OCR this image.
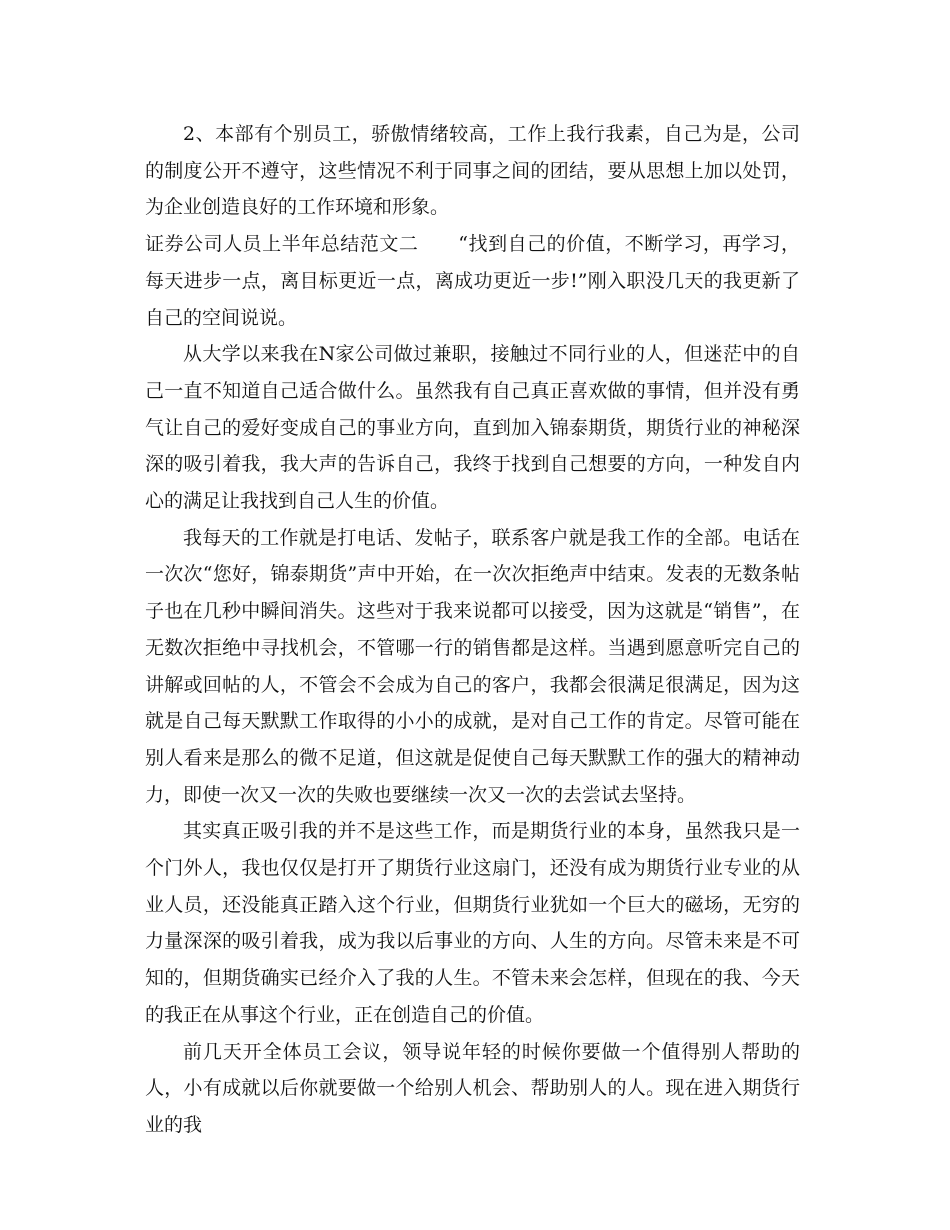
2、本部有个别员工，骄傲情绪较高，工作上我行我素，自己为是，公司的制度公开不遵守，这些情况不利于同事之间的团结，要从思想上加以处罚，为企业创造良好的工作环境和形象。

证券公司人员上半年总结范文二 “找到自己的价值，不断学习，再学习，每天进步一点，离目标更近一点，离成功更近一步!”刚入职没几天的我更新了自己的空间说说。

从大学以来我在N家公司做过兼职，接触过不同行业的人，但迷茫中的自己一直不知道自己适合做什么。虽然我有自己真正喜欢做的事情，但并没有勇气让自己的爱好变成自己的事业方向，直到加入锦泰期货，期货行业的神秘深深的吸引着我，我大声的告诉自己，我终于找到自己想要的方向，一种发自内心的满足让我找到自己人生的价值。

我每天的工作就是打电话、发帖子，联系客户就是我工作的全部。电话在一次次“您好，锦泰期货”声中开始，在一次次拒绝声中结束。发表的无数条帖子也在几秒中瞬间消失。这些对于我来说都可以接受，因为这就是“销售”，在无数次拒绝中寻找机会，不管哪一行的销售都是这样。当遇到愿意听完自己的讲解或回帖的人，不管会不会成为自己的客户，我都会很满足很满足，因为这就是自己每天默默工作取得的小小的成就，是对自己工作的肯定。尽管可能在别人看来是那么的微不足道，但这就是促使自己每天默默工作的强大的精神动力，即使一次又一次的失败也要继续一次又一次的去尝试去坚持。

其实真正吸引我的并不是这些工作，而是期货行业的本身，虽然我只是一个门外人，我也仅仅是打开了期货行业这扇门，还没有成为期货行业专业的从业人员，还没能真正踏入这个行业，但期货行业犹如一个巨大的磁场，无穷的力量深深的吸引着我，成为我以后事业的方向、人生的方向。尽管未来是不可知的，但期货确实已经介入了我的人生。不管未来会怎样，但现在的我、今天的我正在从事这个行业，正在创造自己的价值。

前几天开全体员工会议，领导说年轻的时候你要做一个值得别人帮助的人，小有成就以后你就要做一个给别人机会、帮助别人的人。现在进入期货行业的我
